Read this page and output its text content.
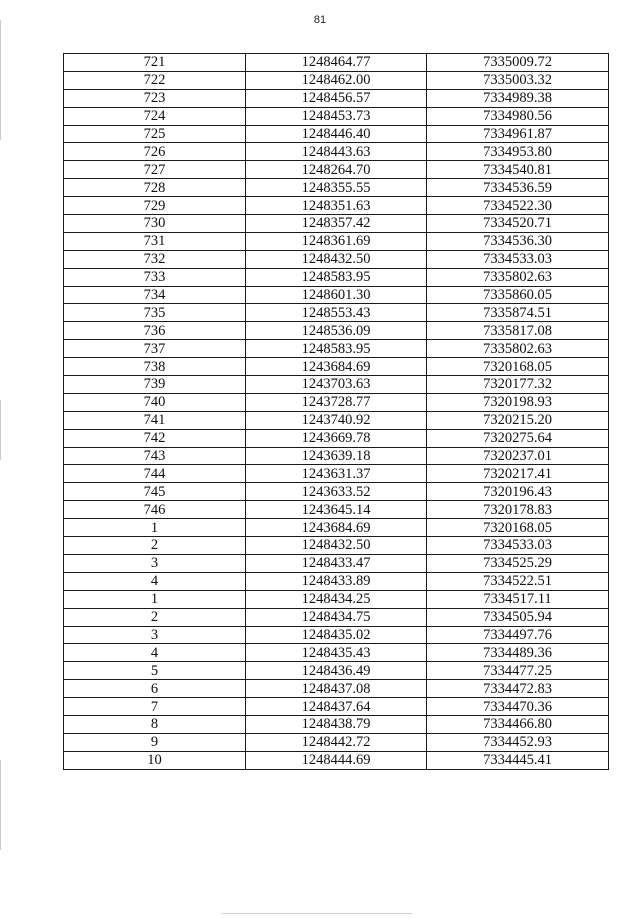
81
721	1248464.77	7335009.72
722	1248462.00	7335003.32
723	1248456.57	7334989.38
724	1248453.73	7334980.56
725	1248446.40	7334961.87
726	1248443.63	7334953.80
727	1248264.70	7334540.81
728	1248355.55	7334536.59
729	1248351.63	7334522.30
730	1248357.42	7334520.71
731	1248361.69	7334536.30
732	1248432.50	7334533.03
733	1248583.95	7335802.63
734	1248601.30	7335860.05
735	1248553.43	7335874.51
736	1248536.09	7335817.08
737	1248583.95	7335802.63
738	1243684.69	7320168.05
739	1243703.63	7320177.32
740	1243728.77	7320198.93
741	1243740.92	7320215.20
742	1243669.78	7320275.64
743	1243639.18	7320237.01
744	1243631.37	7320217.41
745	1243633.52	7320196.43
746	1243645.14	7320178.83
1	1243684.69	7320168.05
2	1248432.50	7334533.03
3	1248433.47	7334525.29
4	1248433.89	7334522.51
1	1248434.25	7334517.11
2	1248434.75	7334505.94
3	1248435.02	7334497.76
4	1248435.43	7334489.36
5	1248436.49	7334477.25
6	1248437.08	7334472.83
7	1248437.64	7334470.36
8	1248438.79	7334466.80
9	1248442.72	7334452.93
10	1248444.69	7334445.41
